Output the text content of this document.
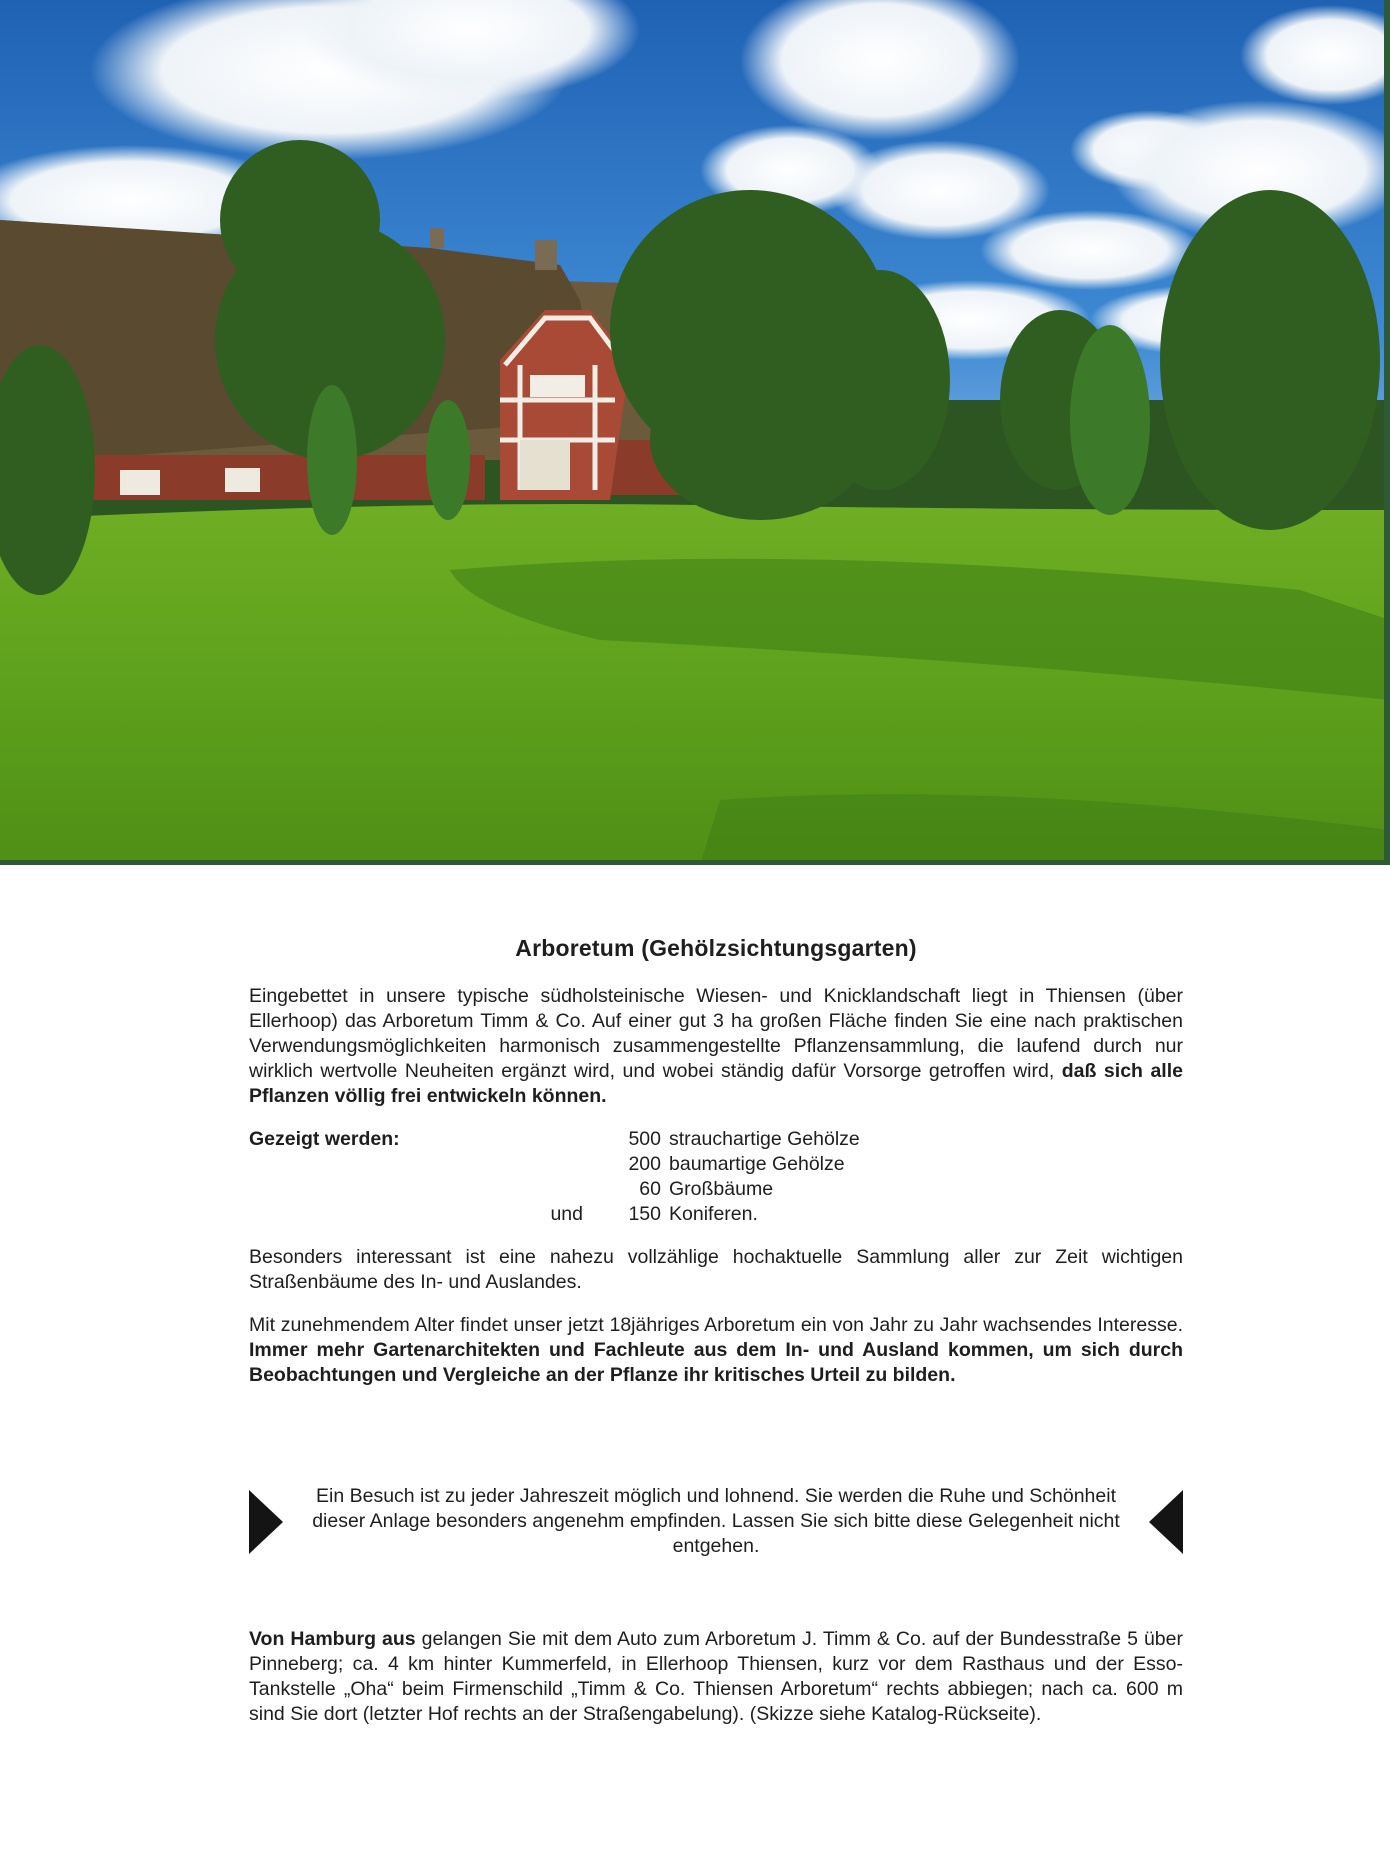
Arboretum (Gehölzsichtungsgarten)

Eingebettet in unsere typische südholsteinische Wiesen- und Knicklandschaft liegt in Thiensen (über Ellerhoop) das Arboretum Timm & Co. Auf einer gut 3 ha großen Fläche finden Sie eine nach praktischen Verwendungsmöglichkeiten harmonisch zusammengestellte Pflanzensammlung, die laufend durch nur wirklich wertvolle Neuheiten ergänzt wird, und wobei ständig dafür Vorsorge getroffen wird, daß sich alle Pflanzen völlig frei entwickeln können.

Gezeigt werden:	500 strauchartige Gehölze
200 baumartige Gehölze
60 Großbäume
und	150 Koniferen.

Besonders interessant ist eine nahezu vollzählige hochaktuelle Sammlung aller zur Zeit wichtigen Straßenbäume des In- und Auslandes.

Mit zunehmendem Alter findet unser jetzt 18jähriges Arboretum ein von Jahr zu Jahr wachsendes Interesse. Immer mehr Gartenarchitekten und Fachleute aus dem In- und Ausland kommen, um sich durch Beobachtungen und Vergleiche an der Pflanze ihr kritisches Urteil zu bilden.

Ein Besuch ist zu jeder Jahreszeit möglich und lohnend. Sie werden die Ruhe und Schönheit dieser Anlage besonders angenehm empfinden. Lassen Sie sich bitte diese Gelegenheit nicht entgehen.

Von Hamburg aus gelangen Sie mit dem Auto zum Arboretum J. Timm & Co. auf der Bundesstraße 5 über Pinneberg; ca. 4 km hinter Kummerfeld, in Ellerhoop Thiensen, kurz vor dem Rasthaus und der Esso-Tankstelle „Oha“ beim Firmenschild „Timm & Co. Thiensen Arboretum“ rechts abbiegen; nach ca. 600 m sind Sie dort (letzter Hof rechts an der Straßengabelung). (Skizze siehe Katalog-Rückseite).
